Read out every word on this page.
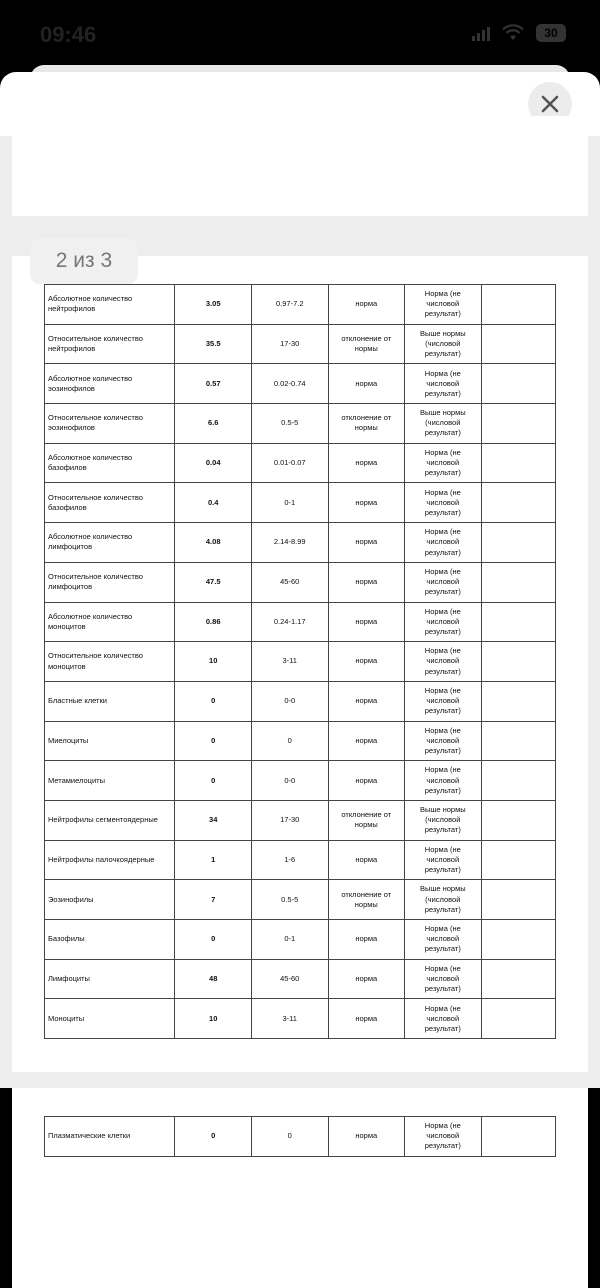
09:46	30
2 из 3
Абсолютное количество нейтрофилов	3.05	0.97-7.2	норма	Норма (не числовой результат)	
Относительное количество нейтрофилов	35.5	17-30	отклонение от нормы	Выше нормы (числовой результат)	
Абсолютное количество эозинофилов	0.57	0.02-0.74	норма	Норма (не числовой результат)	
Относительное количество эозинофилов	6.6	0.5-5	отклонение от нормы	Выше нормы (числовой результат)	
Абсолютное количество базофилов	0.04	0.01-0.07	норма	Норма (не числовой результат)	
Относительное количество базофилов	0.4	0-1	норма	Норма (не числовой результат)	
Абсолютное количество лимфоцитов	4.08	2.14-8.99	норма	Норма (не числовой результат)	
Относительное количество лимфоцитов	47.5	45-60	норма	Норма (не числовой результат)	
Абсолютное количество моноцитов	0.86	0.24-1.17	норма	Норма (не числовой результат)	
Относительное количество моноцитов	10	3-11	норма	Норма (не числовой результат)	
Бластные клетки	0	0-0	норма	Норма (не числовой результат)	
Миелоциты	0	0	норма	Норма (не числовой результат)	
Метамиелоциты	0	0-0	норма	Норма (не числовой результат)	
Нейтрофилы сегментоядерные	34	17-30	отклонение от нормы	Выше нормы (числовой результат)	
Нейтрофилы палочкоядерные	1	1-6	норма	Норма (не числовой результат)	
Эозинофилы	7	0.5-5	отклонение от нормы	Выше нормы (числовой результат)	
Базофилы	0	0-1	норма	Норма (не числовой результат)	
Лимфоциты	48	45-60	норма	Норма (не числовой результат)	
Моноциты	10	3-11	норма	Норма (не числовой результат)	
Плазматические клетки	0	0	норма	Норма (не числовой результат)	
